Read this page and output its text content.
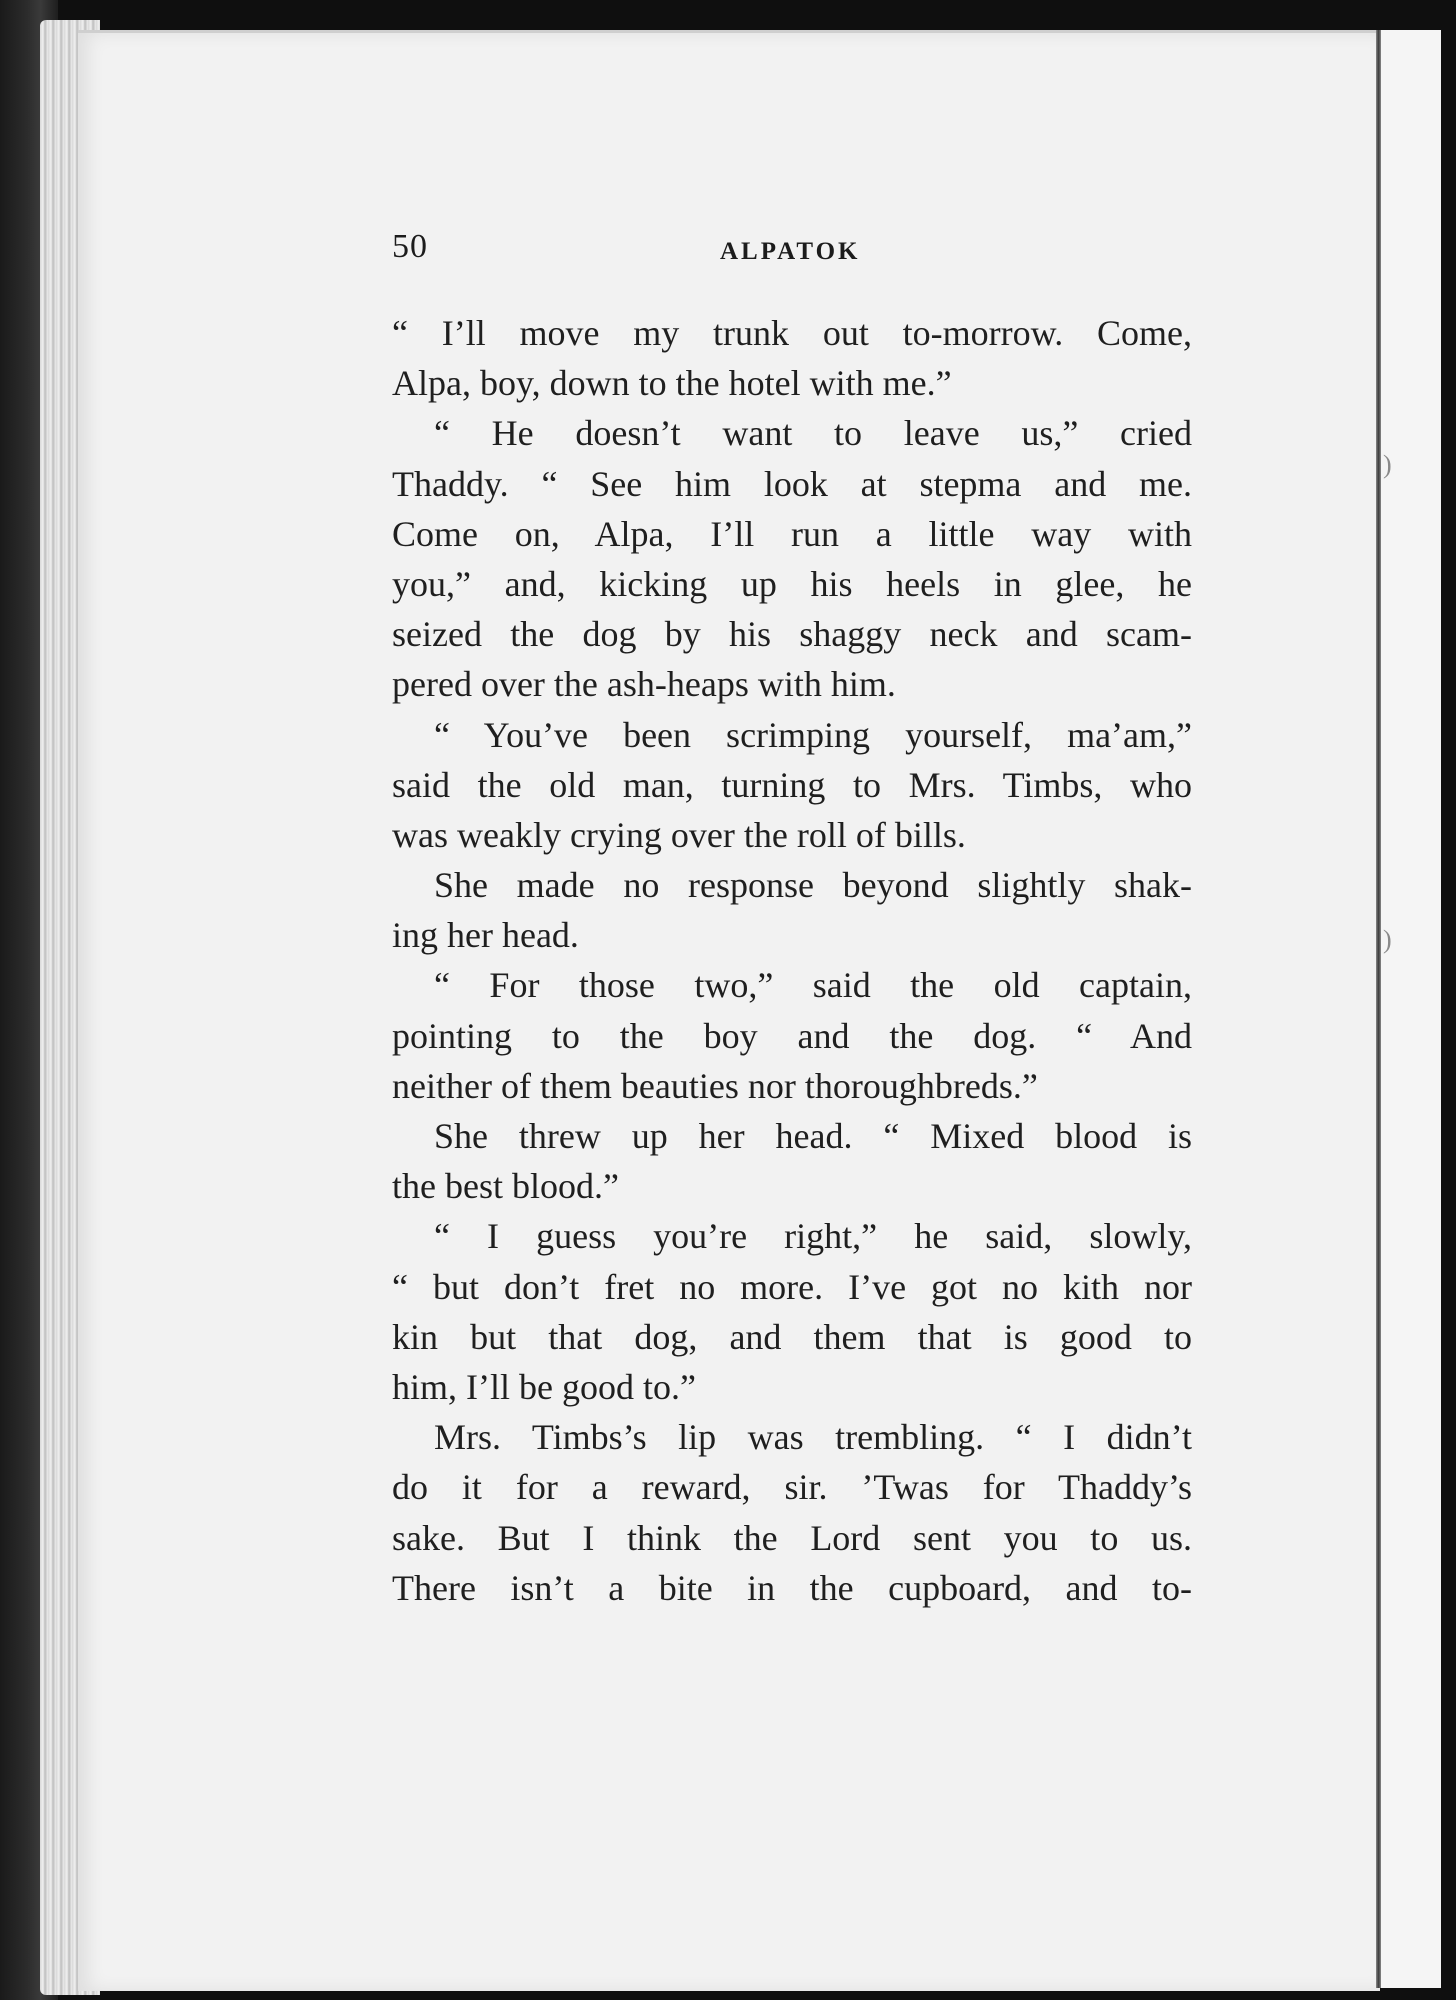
)
)
50	ALPATOK
“ I’ll move my trunk out to-morrow. Come,
Alpa, boy, down to the hotel with me.”
“ He doesn’t want to leave us,” cried
Thaddy. “ See him look at stepma and me.
Come on, Alpa, I’ll run a little way with
you,” and, kicking up his heels in glee, he
seized the dog by his shaggy neck and scam-
pered over the ash-heaps with him.
“ You’ve been scrimping yourself, ma’am,”
said the old man, turning to Mrs. Timbs, who
was weakly crying over the roll of bills.
She made no response beyond slightly shak-
ing her head.
“ For those two,” said the old captain,
pointing to the boy and the dog. “ And
neither of them beauties nor thoroughbreds.”
She threw up her head. “ Mixed blood is
the best blood.”
“ I guess you’re right,” he said, slowly,
“ but don’t fret no more. I’ve got no kith nor
kin but that dog, and them that is good to
him, I’ll be good to.”
Mrs. Timbs’s lip was trembling. “ I didn’t
do it for a reward, sir. ’Twas for Thaddy’s
sake. But I think the Lord sent you to us.
There isn’t a bite in the cupboard, and to-
